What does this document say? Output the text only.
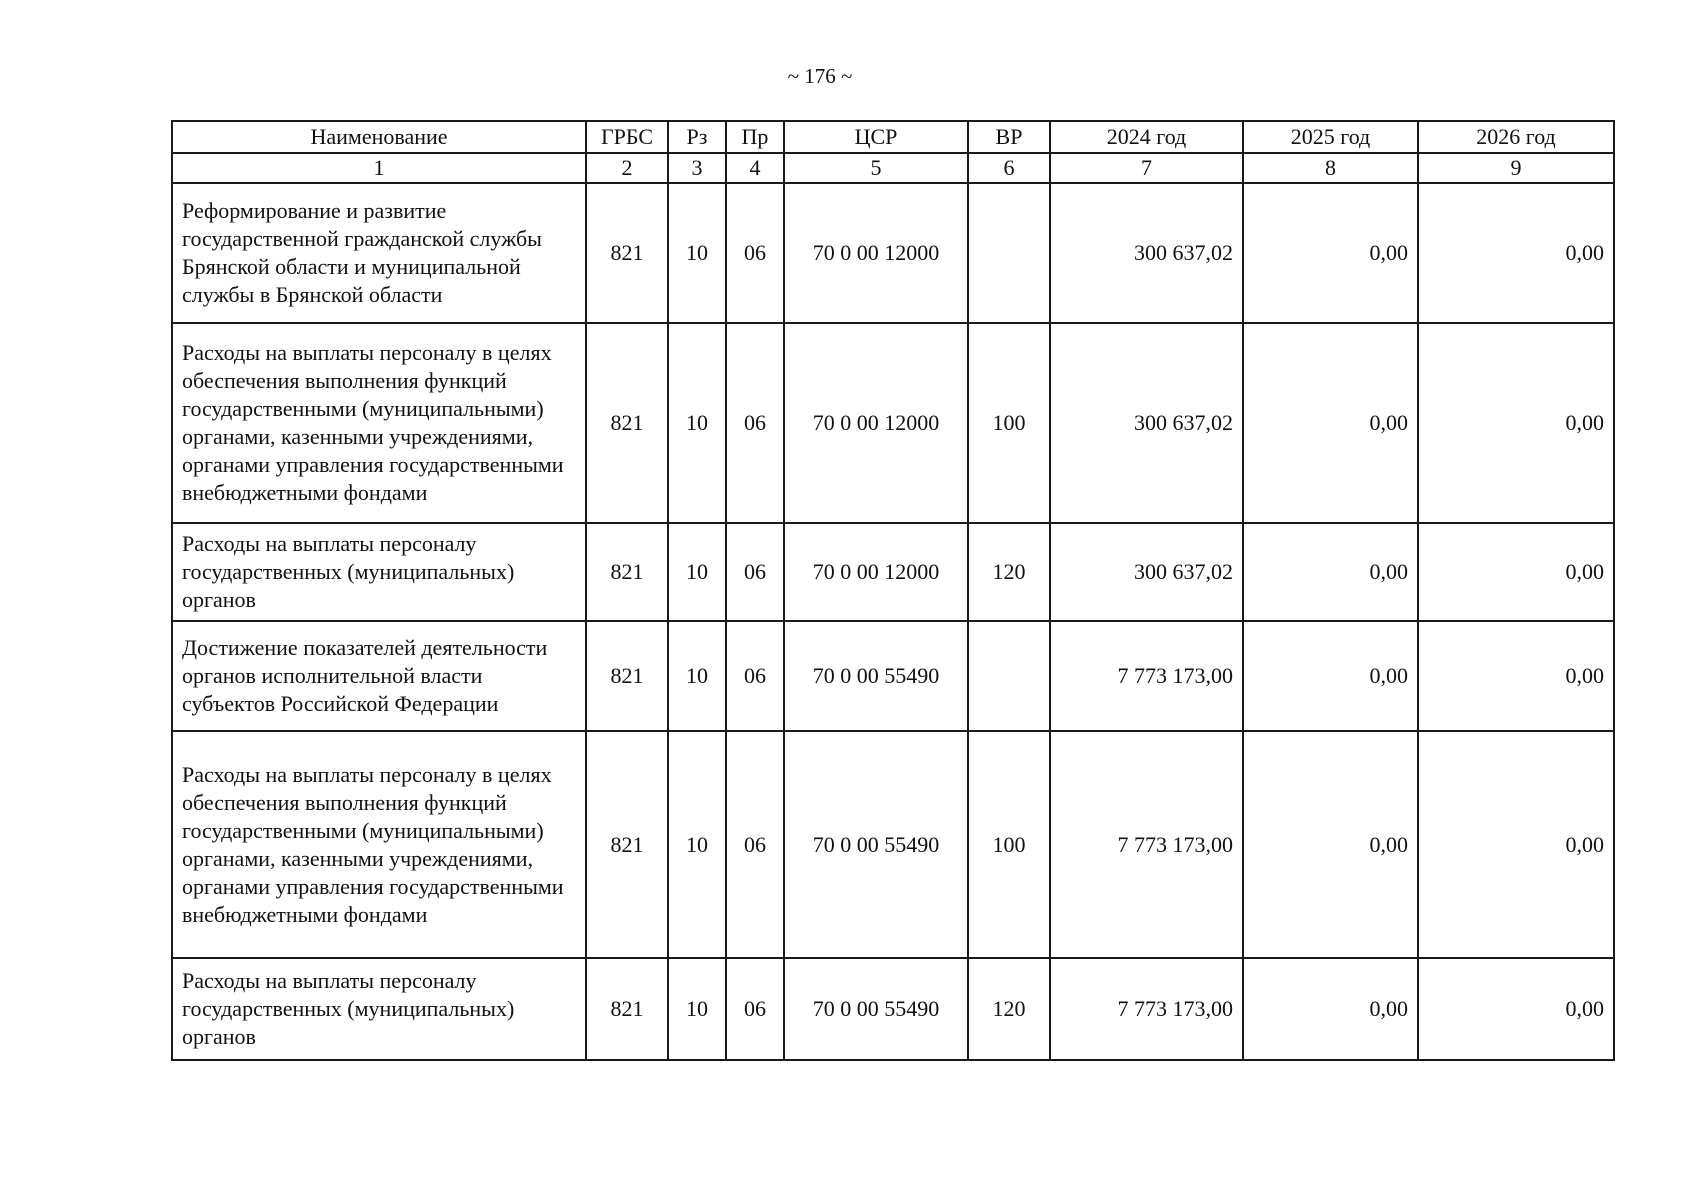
~ 176 ~
Наименование	ГРБС	Рз	Пр	ЦСР	ВР	2024 год	2025 год	2026 год
1	2	3	4	5	6	7	8	9
Реформирование и развитие государственной гражданской службы Брянской области и муниципальной службы в Брянской области	821	10	06	70 0 00 12000		300 637,02	0,00	0,00
Расходы на выплаты персоналу в целях обеспечения выполнения функций государственными (муниципальными) органами, казенными учреждениями, органами управления государственными внебюджетными фондами	821	10	06	70 0 00 12000	100	300 637,02	0,00	0,00
Расходы на выплаты персоналу государственных (муниципальных) органов	821	10	06	70 0 00 12000	120	300 637,02	0,00	0,00
Достижение показателей деятельности органов исполнительной власти субъектов Российской Федерации	821	10	06	70 0 00 55490		7 773 173,00	0,00	0,00
Расходы на выплаты персоналу в целях обеспечения выполнения функций государственными (муниципальными) органами, казенными учреждениями, органами управления государственными внебюджетными фондами	821	10	06	70 0 00 55490	100	7 773 173,00	0,00	0,00
Расходы на выплаты персоналу государственных (муниципальных) органов	821	10	06	70 0 00 55490	120	7 773 173,00	0,00	0,00
